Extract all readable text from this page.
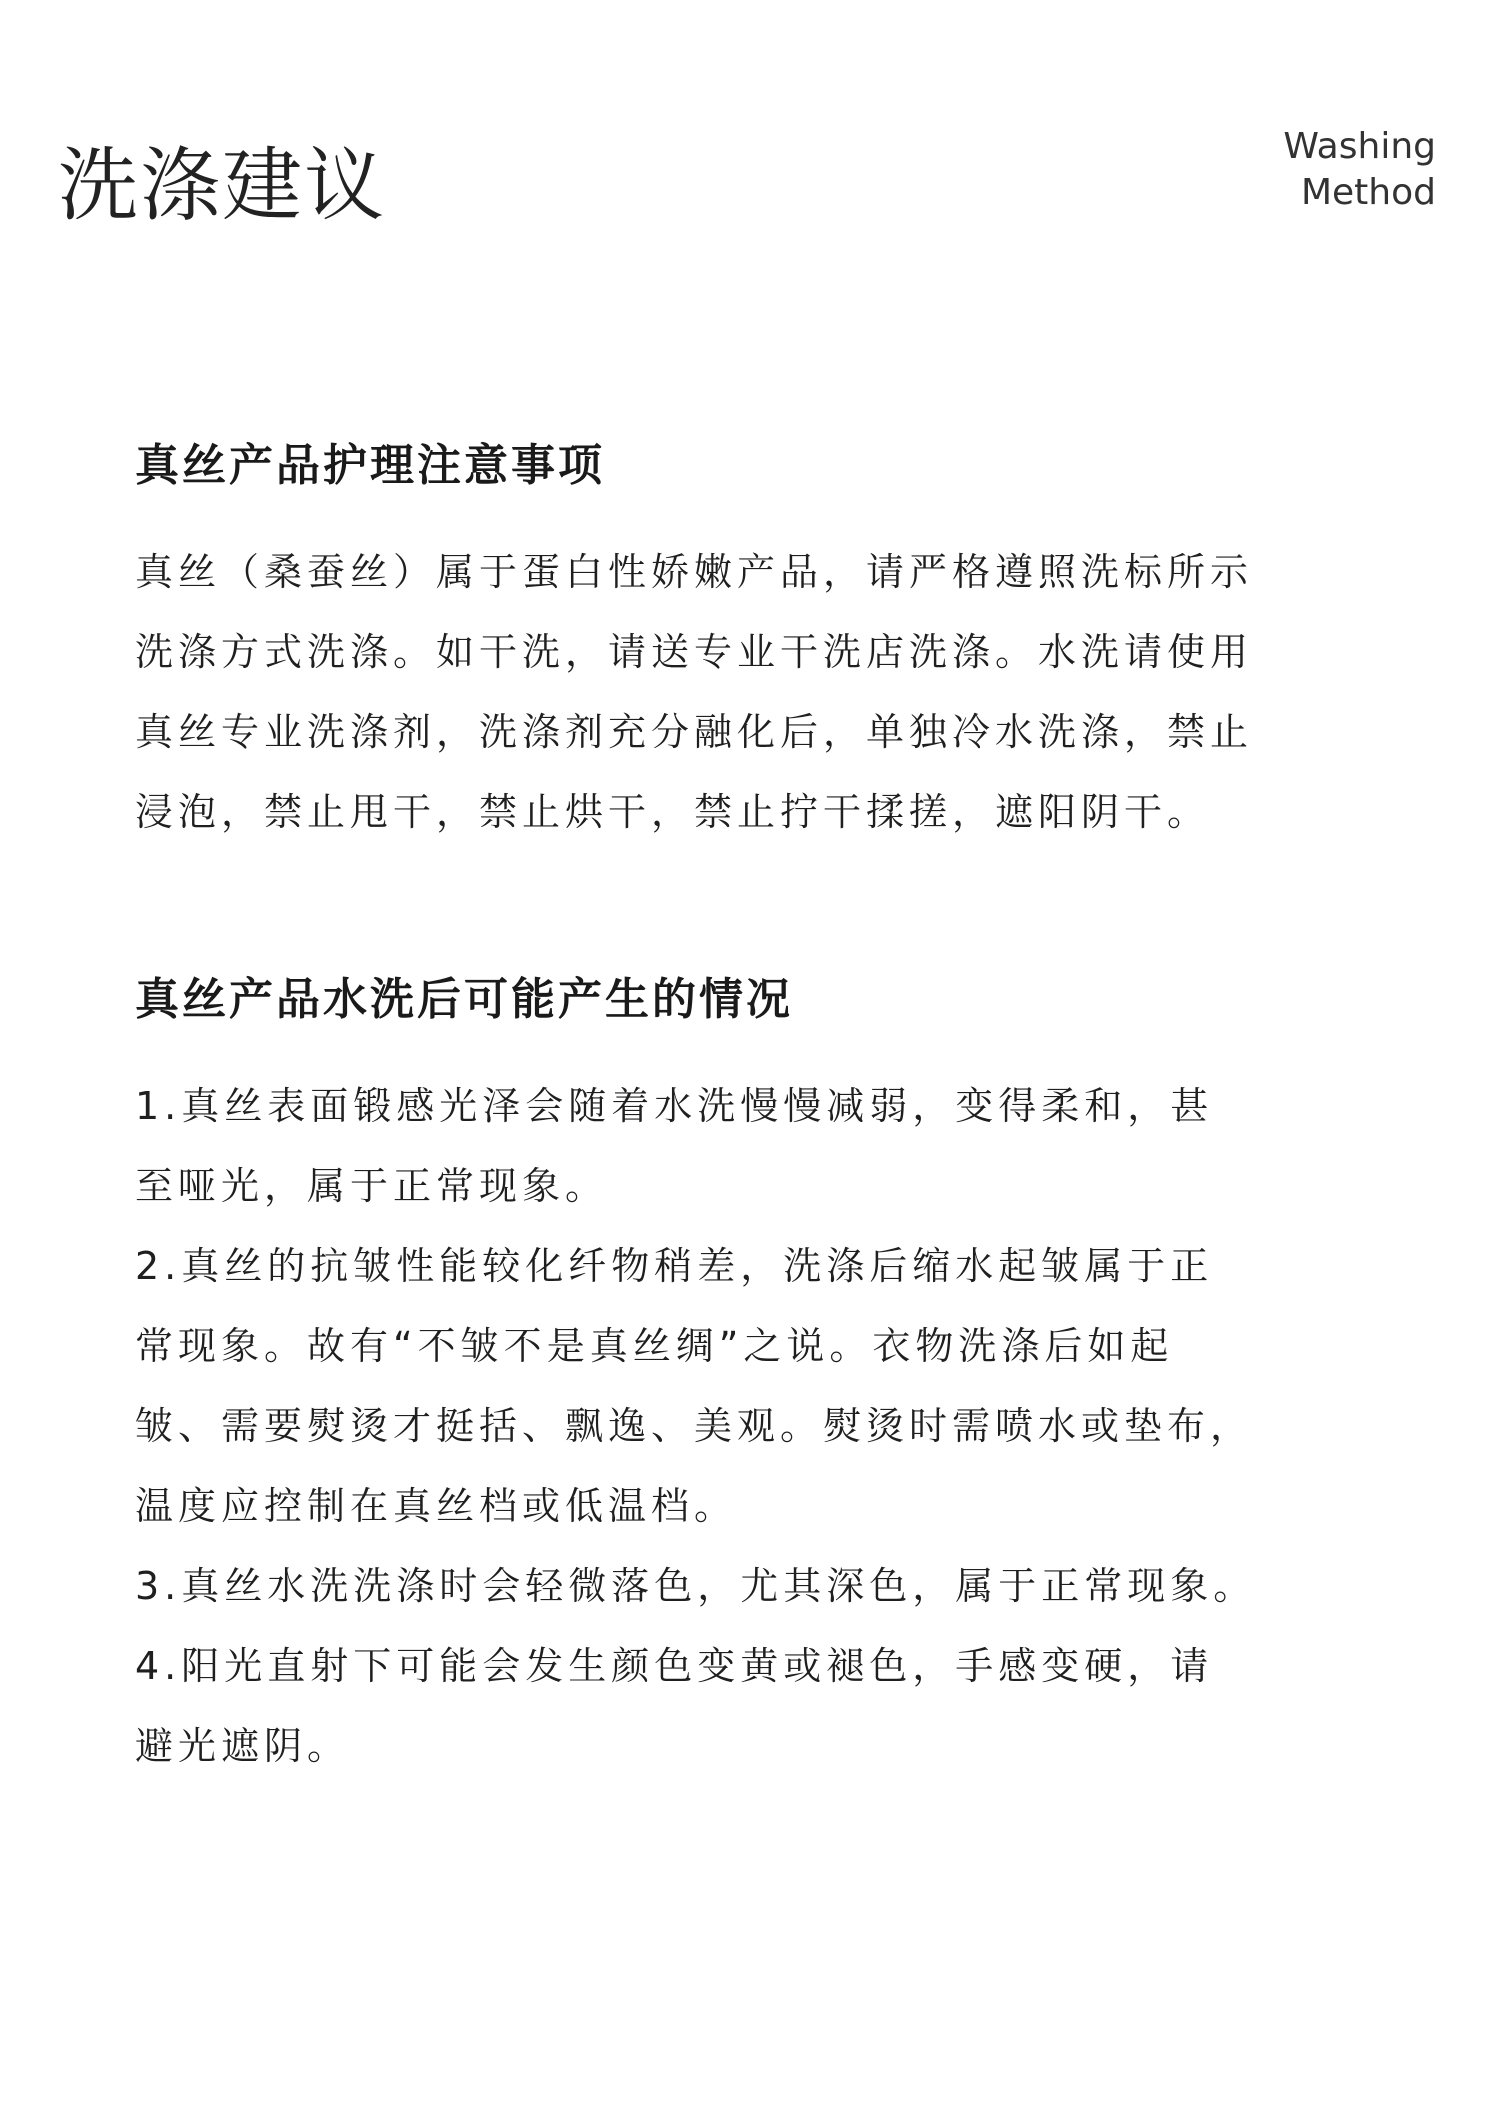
洗涤建议	Washing
Method
真丝产品护理注意事项

真丝（桑蚕丝）属于蛋白性娇嫩产品，请严格遵照洗标所示
洗涤方式洗涤。如干洗，请送专业干洗店洗涤。水洗请使用
真丝专业洗涤剂，洗涤剂充分融化后，单独冷水洗涤，禁止
浸泡，禁止甩干，禁止烘干，禁止拧干揉搓，遮阳阴干。

真丝产品水洗后可能产生的情况

1.真丝表面锻感光泽会随着水洗慢慢减弱，变得柔和，甚
至哑光，属于正常现象。

2.真丝的抗皱性能较化纤物稍差，洗涤后缩水起皱属于正
常现象。故有“不皱不是真丝绸”之说。衣物洗涤后如起
皱、需要熨烫才挺括、飘逸、美观。熨烫时需喷水或垫布，
温度应控制在真丝档或低温档。

3.真丝水洗洗涤时会轻微落色，尤其深色，属于正常现象。

4.阳光直射下可能会发生颜色变黄或褪色，手感变硬，请
避光遮阴。
